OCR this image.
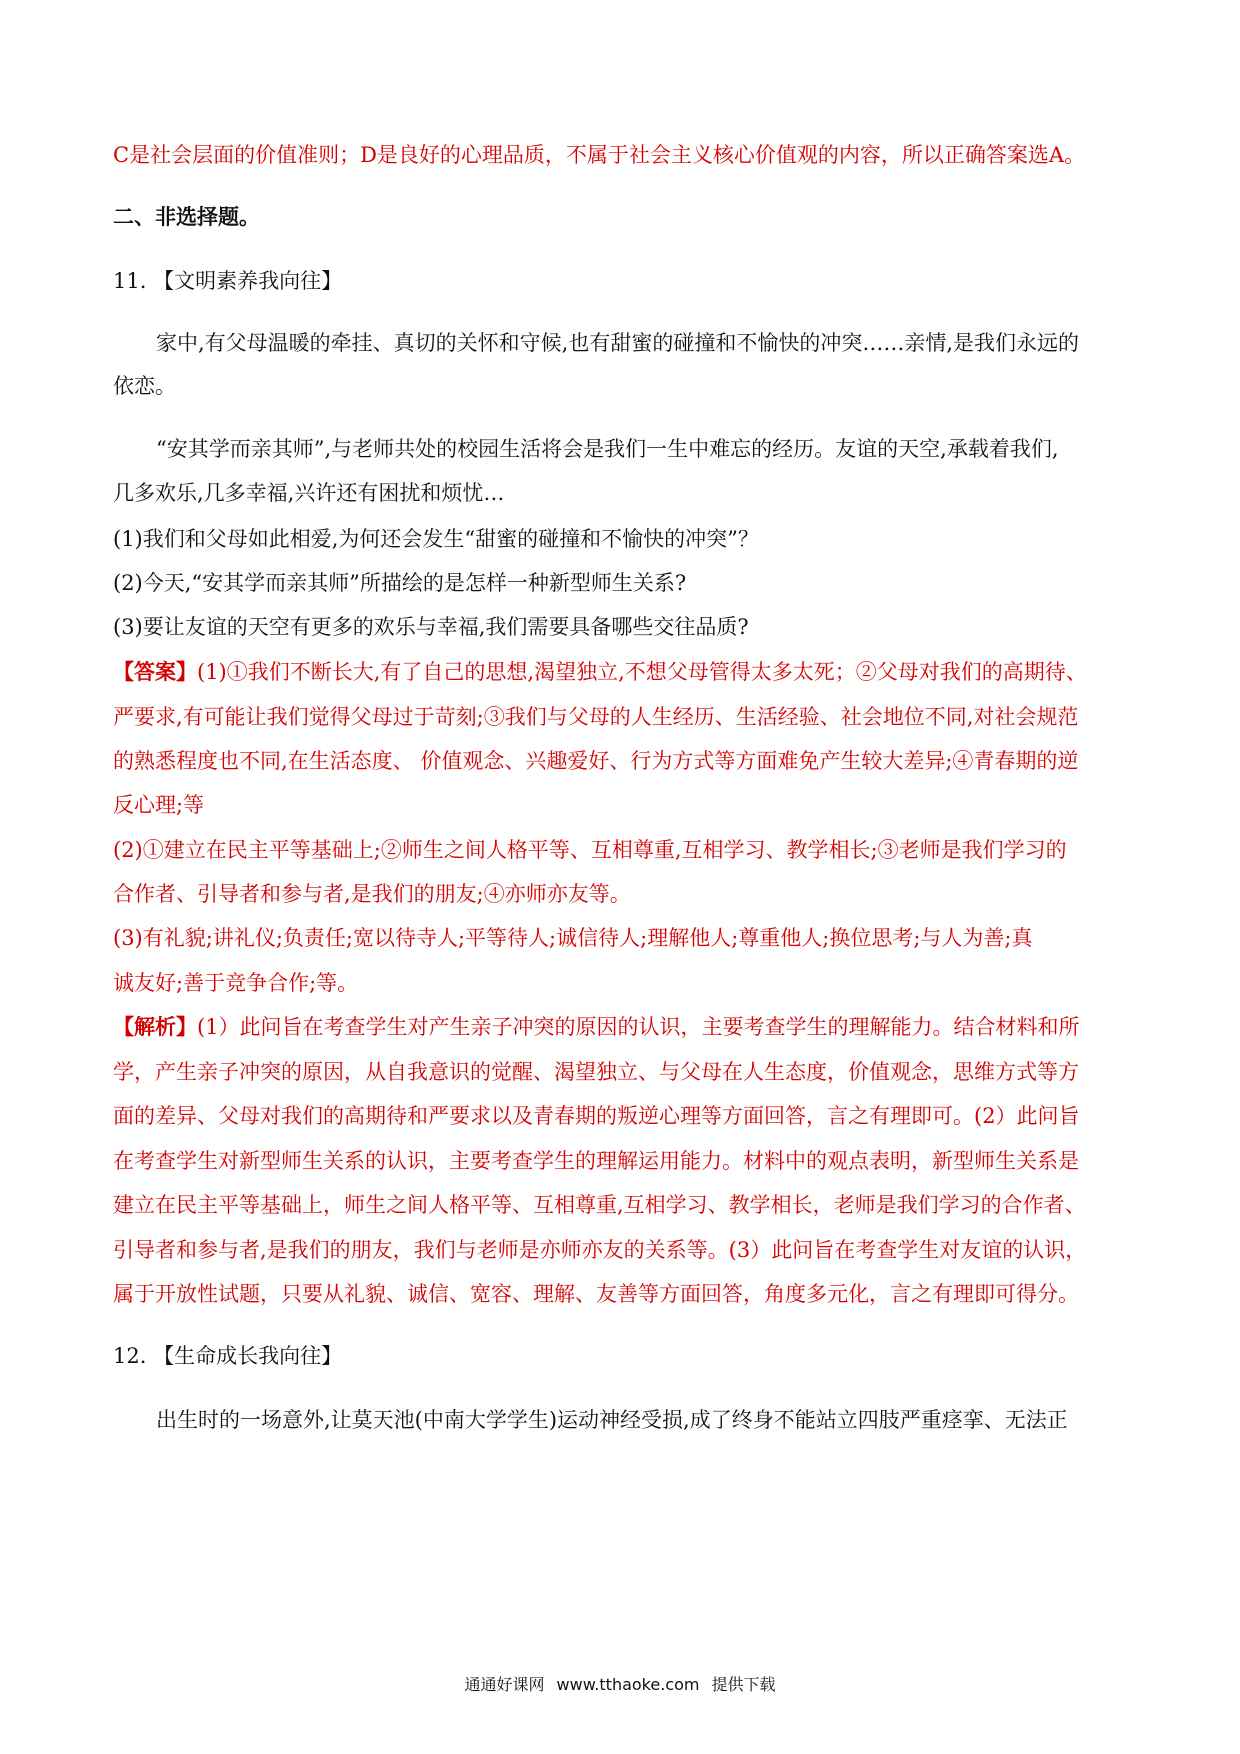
C是社会层面的价值准则；D是良好的心理品质，不属于社会主义核心价值观的内容，所以正确答案选A。
二、非选择题。
11. 【文明素养我向往】
家中,有父母温暖的牵挂、真切的关怀和守候,也有甜蜜的碰撞和不愉快的冲突……亲情,是我们永远的
依恋。
“安其学而亲其师”,与老师共处的校园生活将会是我们一生中难忘的经历。友谊的天空,承载着我们,
几多欢乐,几多幸福,兴许还有困扰和烦忧…
(1)我们和父母如此相爱,为何还会发生“甜蜜的碰撞和不愉快的冲突”？
(2)今天,“安其学而亲其师”所描绘的是怎样一种新型师生关系?
(3)要让友谊的天空有更多的欢乐与幸福,我们需要具备哪些交往品质?
【答案】(1)①我们不断长大,有了自己的思想,渴望独立,不想父母管得太多太死；②父母对我们的高期待、
严要求,有可能让我们觉得父母过于苛刻;③我们与父母的人生经历、生活经验、社会地位不同,对社会规范
的熟悉程度也不同,在生活态度、 价值观念、兴趣爱好、行为方式等方面难免产生较大差异;④青春期的逆
反心理;等
(2)①建立在民主平等基础上;②师生之间人格平等、互相尊重,互相学习、教学相长;③老师是我们学习的
合作者、引导者和参与者,是我们的朋友;④亦师亦友等。
(3)有礼貌;讲礼仪;负责任;宽以待寺人;平等待人;诚信待人;理解他人;尊重他人;换位思考;与人为善;真
诚友好;善于竞争合作;等。
【解析】(1）此问旨在考查学生对产生亲子冲突的原因的认识，主要考查学生的理解能力。结合材料和所
学，产生亲子冲突的原因，从自我意识的觉醒、渴望独立、与父母在人生态度，价值观念，思维方式等方
面的差异、父母对我们的高期待和严要求以及青春期的叛逆心理等方面回答，言之有理即可。(2）此问旨
在考查学生对新型师生关系的认识，主要考查学生的理解运用能力。材料中的观点表明，新型师生关系是
建立在民主平等基础上，师生之间人格平等、互相尊重,互相学习、教学相长，老师是我们学习的合作者、
引导者和参与者,是我们的朋友，我们与老师是亦师亦友的关系等。(3）此问旨在考查学生对友谊的认识，
属于开放性试题，只要从礼貌、诚信、宽容、理解、友善等方面回答，角度多元化，言之有理即可得分。
12. 【生命成长我向往】
出生时的一场意外,让莫天池(中南大学学生)运动神经受损,成了终身不能站立四肢严重痉挛、无法正
通通好课网 www.tthaoke.com 提供下载
